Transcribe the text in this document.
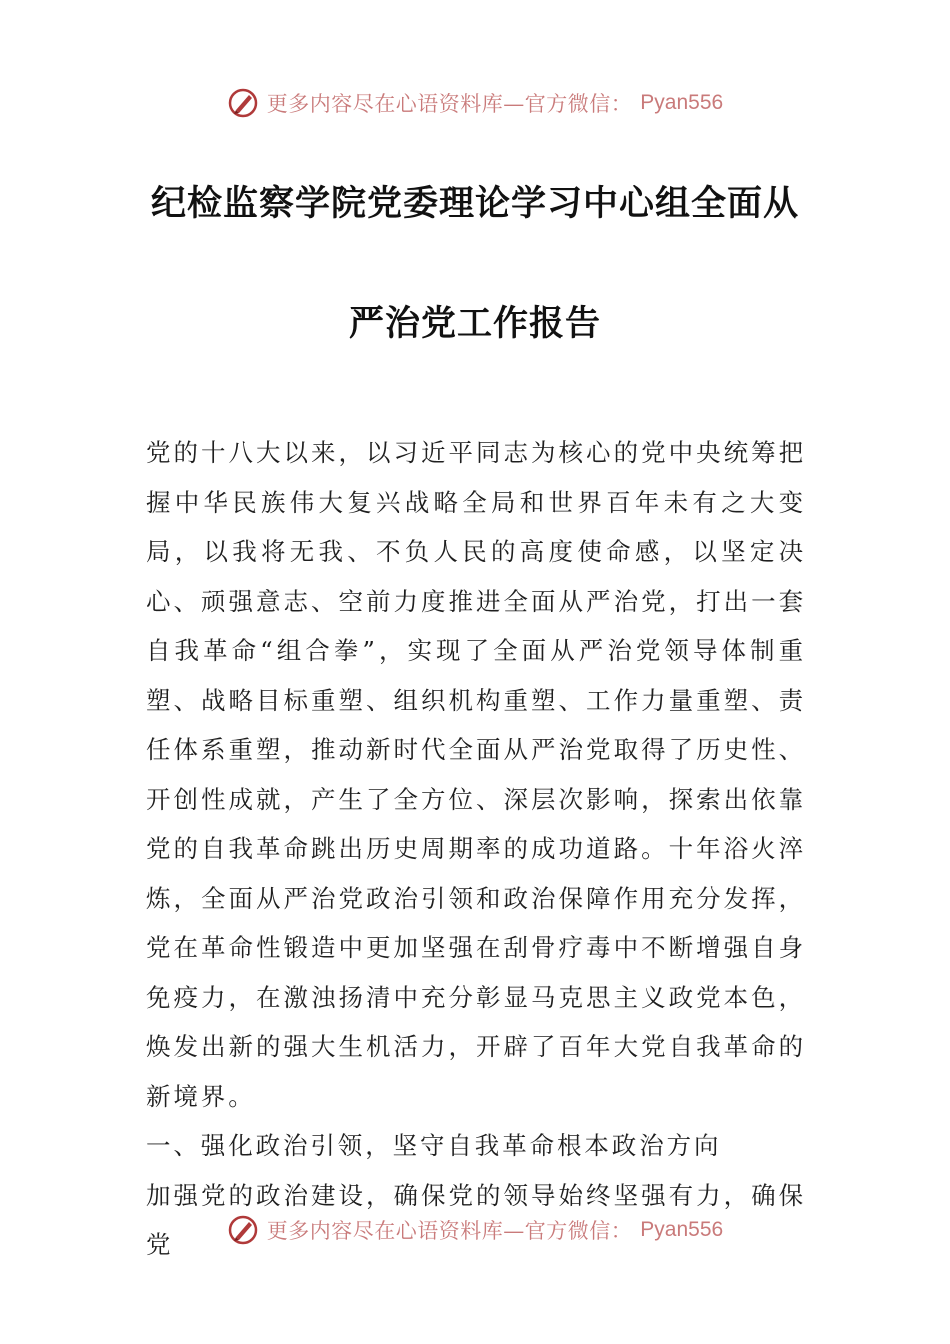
更多内容尽在心语资料库—官方微信： Pyan556
纪检监察学院党委理论学习中心组全面从
严治党工作报告

党的十八大以来，以习近平同志为核心的党中央统筹把握中华民族伟大复兴战略全局和世界百年未有之大变局，以我将无我、不负人民的高度使命感，以坚定决心、顽强意志、空前力度推进全面从严治党，打出一套自我革命“组合拳”，实现了全面从严治党领导体制重塑、战略目标重塑、组织机构重塑、工作力量重塑、责任体系重塑，推动新时代全面从严治党取得了历史性、开创性成就，产生了全方位、深层次影响，探索出依靠党的自我革命跳出历史周期率的成功道路。十年浴火淬炼，全面从严治党政治引领和政治保障作用充分发挥，党在革命性锻造中更加坚强在刮骨疗毒中不断增强自身免疫力，在激浊扬清中充分彰显马克思主义政党本色，焕发出新的强大生机活力，开辟了百年大党自我革命的新境界。

一、强化政治引领，坚守自我革命根本政治方向

加强党的政治建设，确保党的领导始终坚强有力，确保党	更多内容尽在心语资料库—官方微信： Pyan556
